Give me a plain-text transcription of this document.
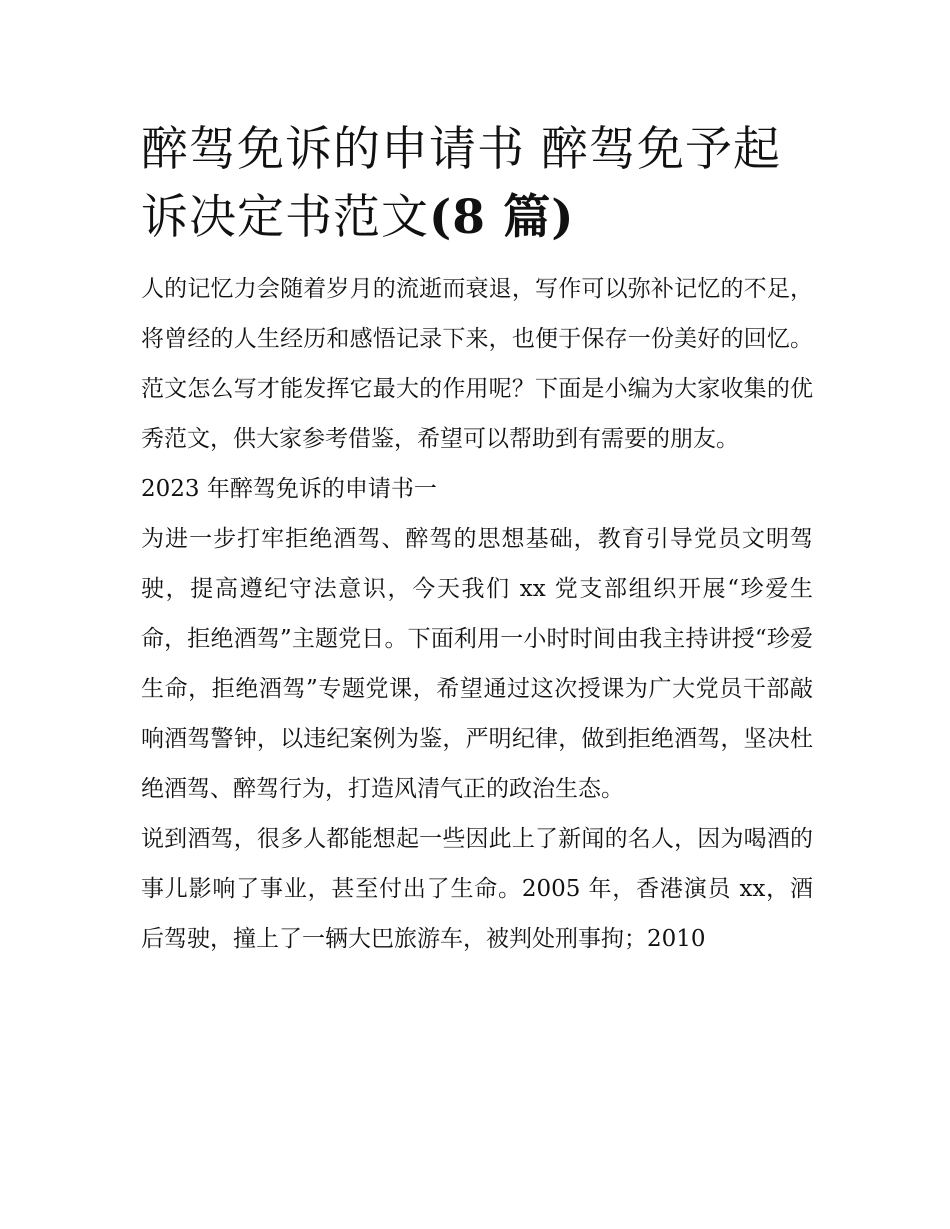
醉驾免诉的申请书 醉驾免予起诉决定书范文(8 篇)

人的记忆力会随着岁月的流逝而衰退，写作可以弥补记忆的不足，将曾经的人生经历和感悟记录下来，也便于保存一份美好的回忆。范文怎么写才能发挥它最大的作用呢？下面是小编为大家收集的优秀范文，供大家参考借鉴，希望可以帮助到有需要的朋友。

2023 年醉驾免诉的申请书一

为进一步打牢拒绝酒驾、醉驾的思想基础，教育引导党员文明驾驶，提高遵纪守法意识，今天我们 xx 党支部组织开展“珍爱生命，拒绝酒驾”主题党日。下面利用一小时时间由我主持讲授“珍爱生命，拒绝酒驾”专题党课，希望通过这次授课为广大党员干部敲响酒驾警钟，以违纪案例为鉴，严明纪律，做到拒绝酒驾，坚决杜绝酒驾、醉驾行为，打造风清气正的政治生态。

说到酒驾，很多人都能想起一些因此上了新闻的名人，因为喝酒的事儿影响了事业，甚至付出了生命。2005 年，香港演员 xx，酒后驾驶，撞上了一辆大巴旅游车，被判处刑事拘；2010
